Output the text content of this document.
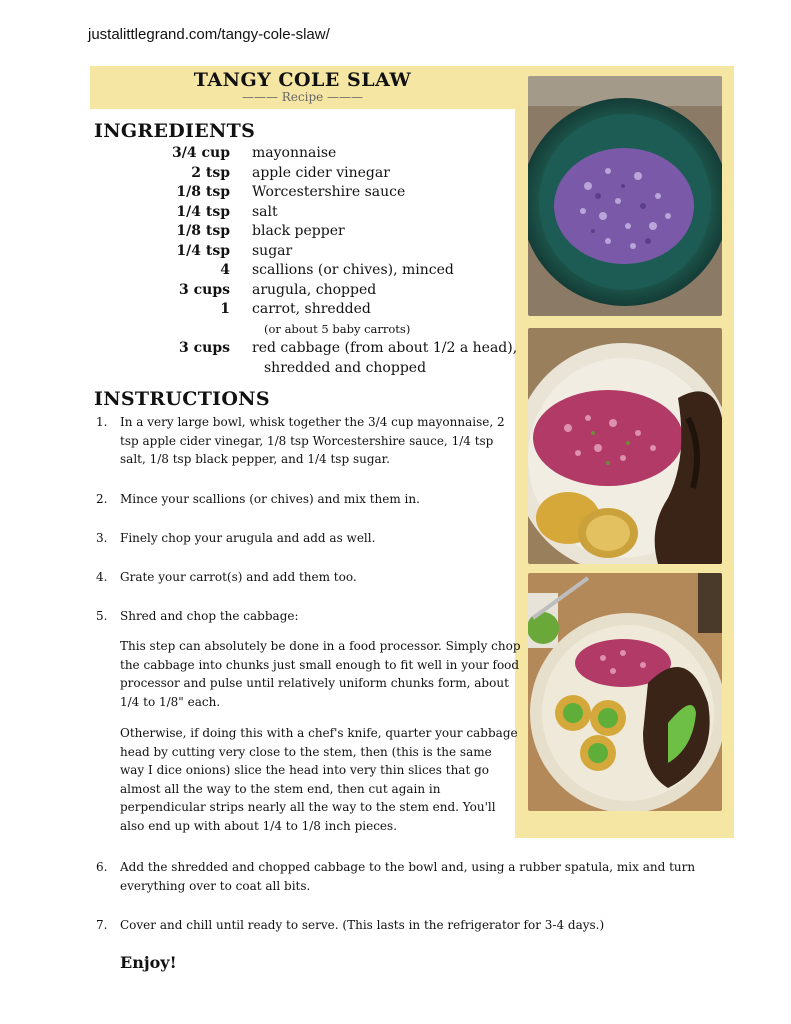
justalittlegrand.com/tangy-cole-slaw/
TANGY COLE SLAW
——— Recipe ———
INGREDIENTS
3/4 cup mayonnaise
2 tsp apple cider vinegar
1/8 tsp Worcestershire sauce
1/4 tsp salt
1/8 tsp black pepper
1/4 tsp sugar
4 scallions (or chives), minced
3 cups arugula, chopped
1 carrot, shredded
(or about 5 baby carrots)
3 cups red cabbage (from about 1/2 a head),
shredded and chopped
INSTRUCTIONS
1. In a very large bowl, whisk together the 3/4 cup mayonnaise, 2
tsp apple cider vinegar, 1/8 tsp Worcestershire sauce, 1/4 tsp
salt, 1/8 tsp black pepper, and 1/4 tsp sugar.
2. Mince your scallions (or chives) and mix them in.
3. Finely chop your arugula and add as well.
4. Grate your carrot(s) and add them too.
5. Shred and chop the cabbage:
This step can absolutely be done in a food processor. Simply chop
the cabbage into chunks just small enough to fit well in your food
processor and pulse until relatively uniform chunks form, about
1/4 to 1/8" each.
Otherwise, if doing this with a chef's knife, quarter your cabbage
head by cutting very close to the stem, then (this is the same
way I dice onions) slice the head into very thin slices that go
almost all the way to the stem end, then cut again in
perpendicular strips nearly all the way to the stem end. You'll
also end up with about 1/4 to 1/8 inch pieces.
6. Add the shredded and chopped cabbage to the bowl and, using a rubber spatula, mix and turn
everything over to coat all bits.
7. Cover and chill until ready to serve. (This lasts in the refrigerator for 3-4 days.)
Enjoy!
